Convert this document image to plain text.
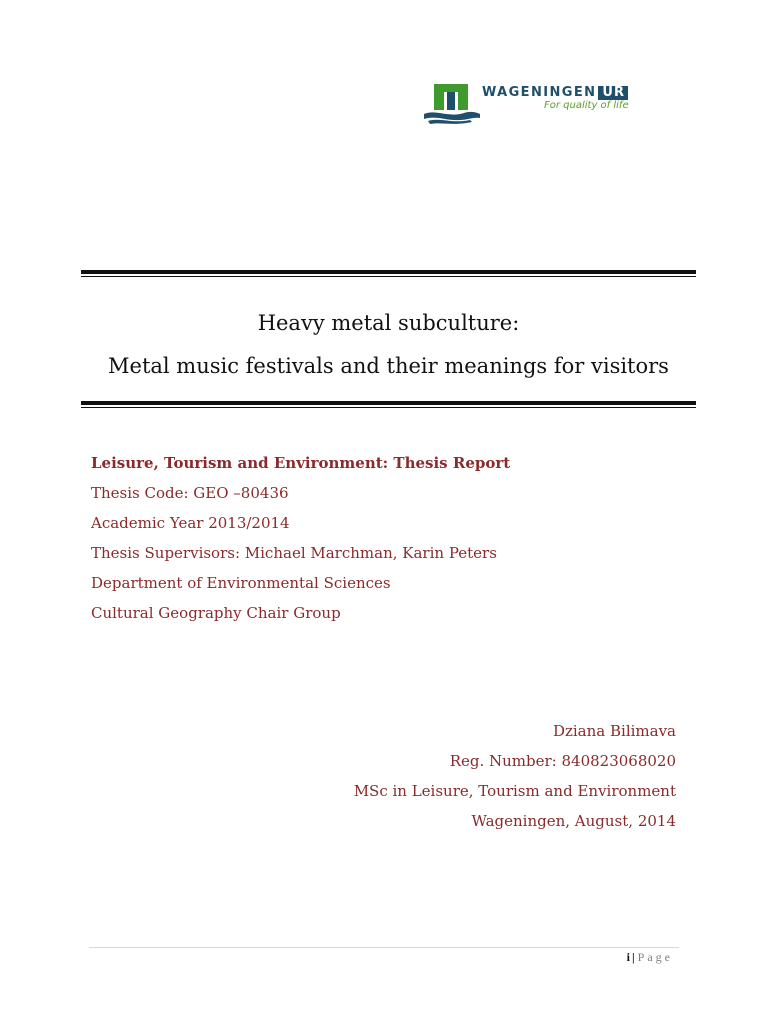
WAGENINGEN UR
For quality of life
Heavy metal subculture:
Metal music festivals and their meanings for visitors
Leisure, Tourism and Environment: Thesis Report
Thesis Code: GEO –80436
Academic Year 2013/2014
Thesis Supervisors: Michael Marchman, Karin Peters
Department of Environmental Sciences
Cultural Geography Chair Group
Dziana Bilimava
Reg. Number: 840823068020
MSc in Leisure, Tourism and Environment
Wageningen, August, 2014
i | Page
